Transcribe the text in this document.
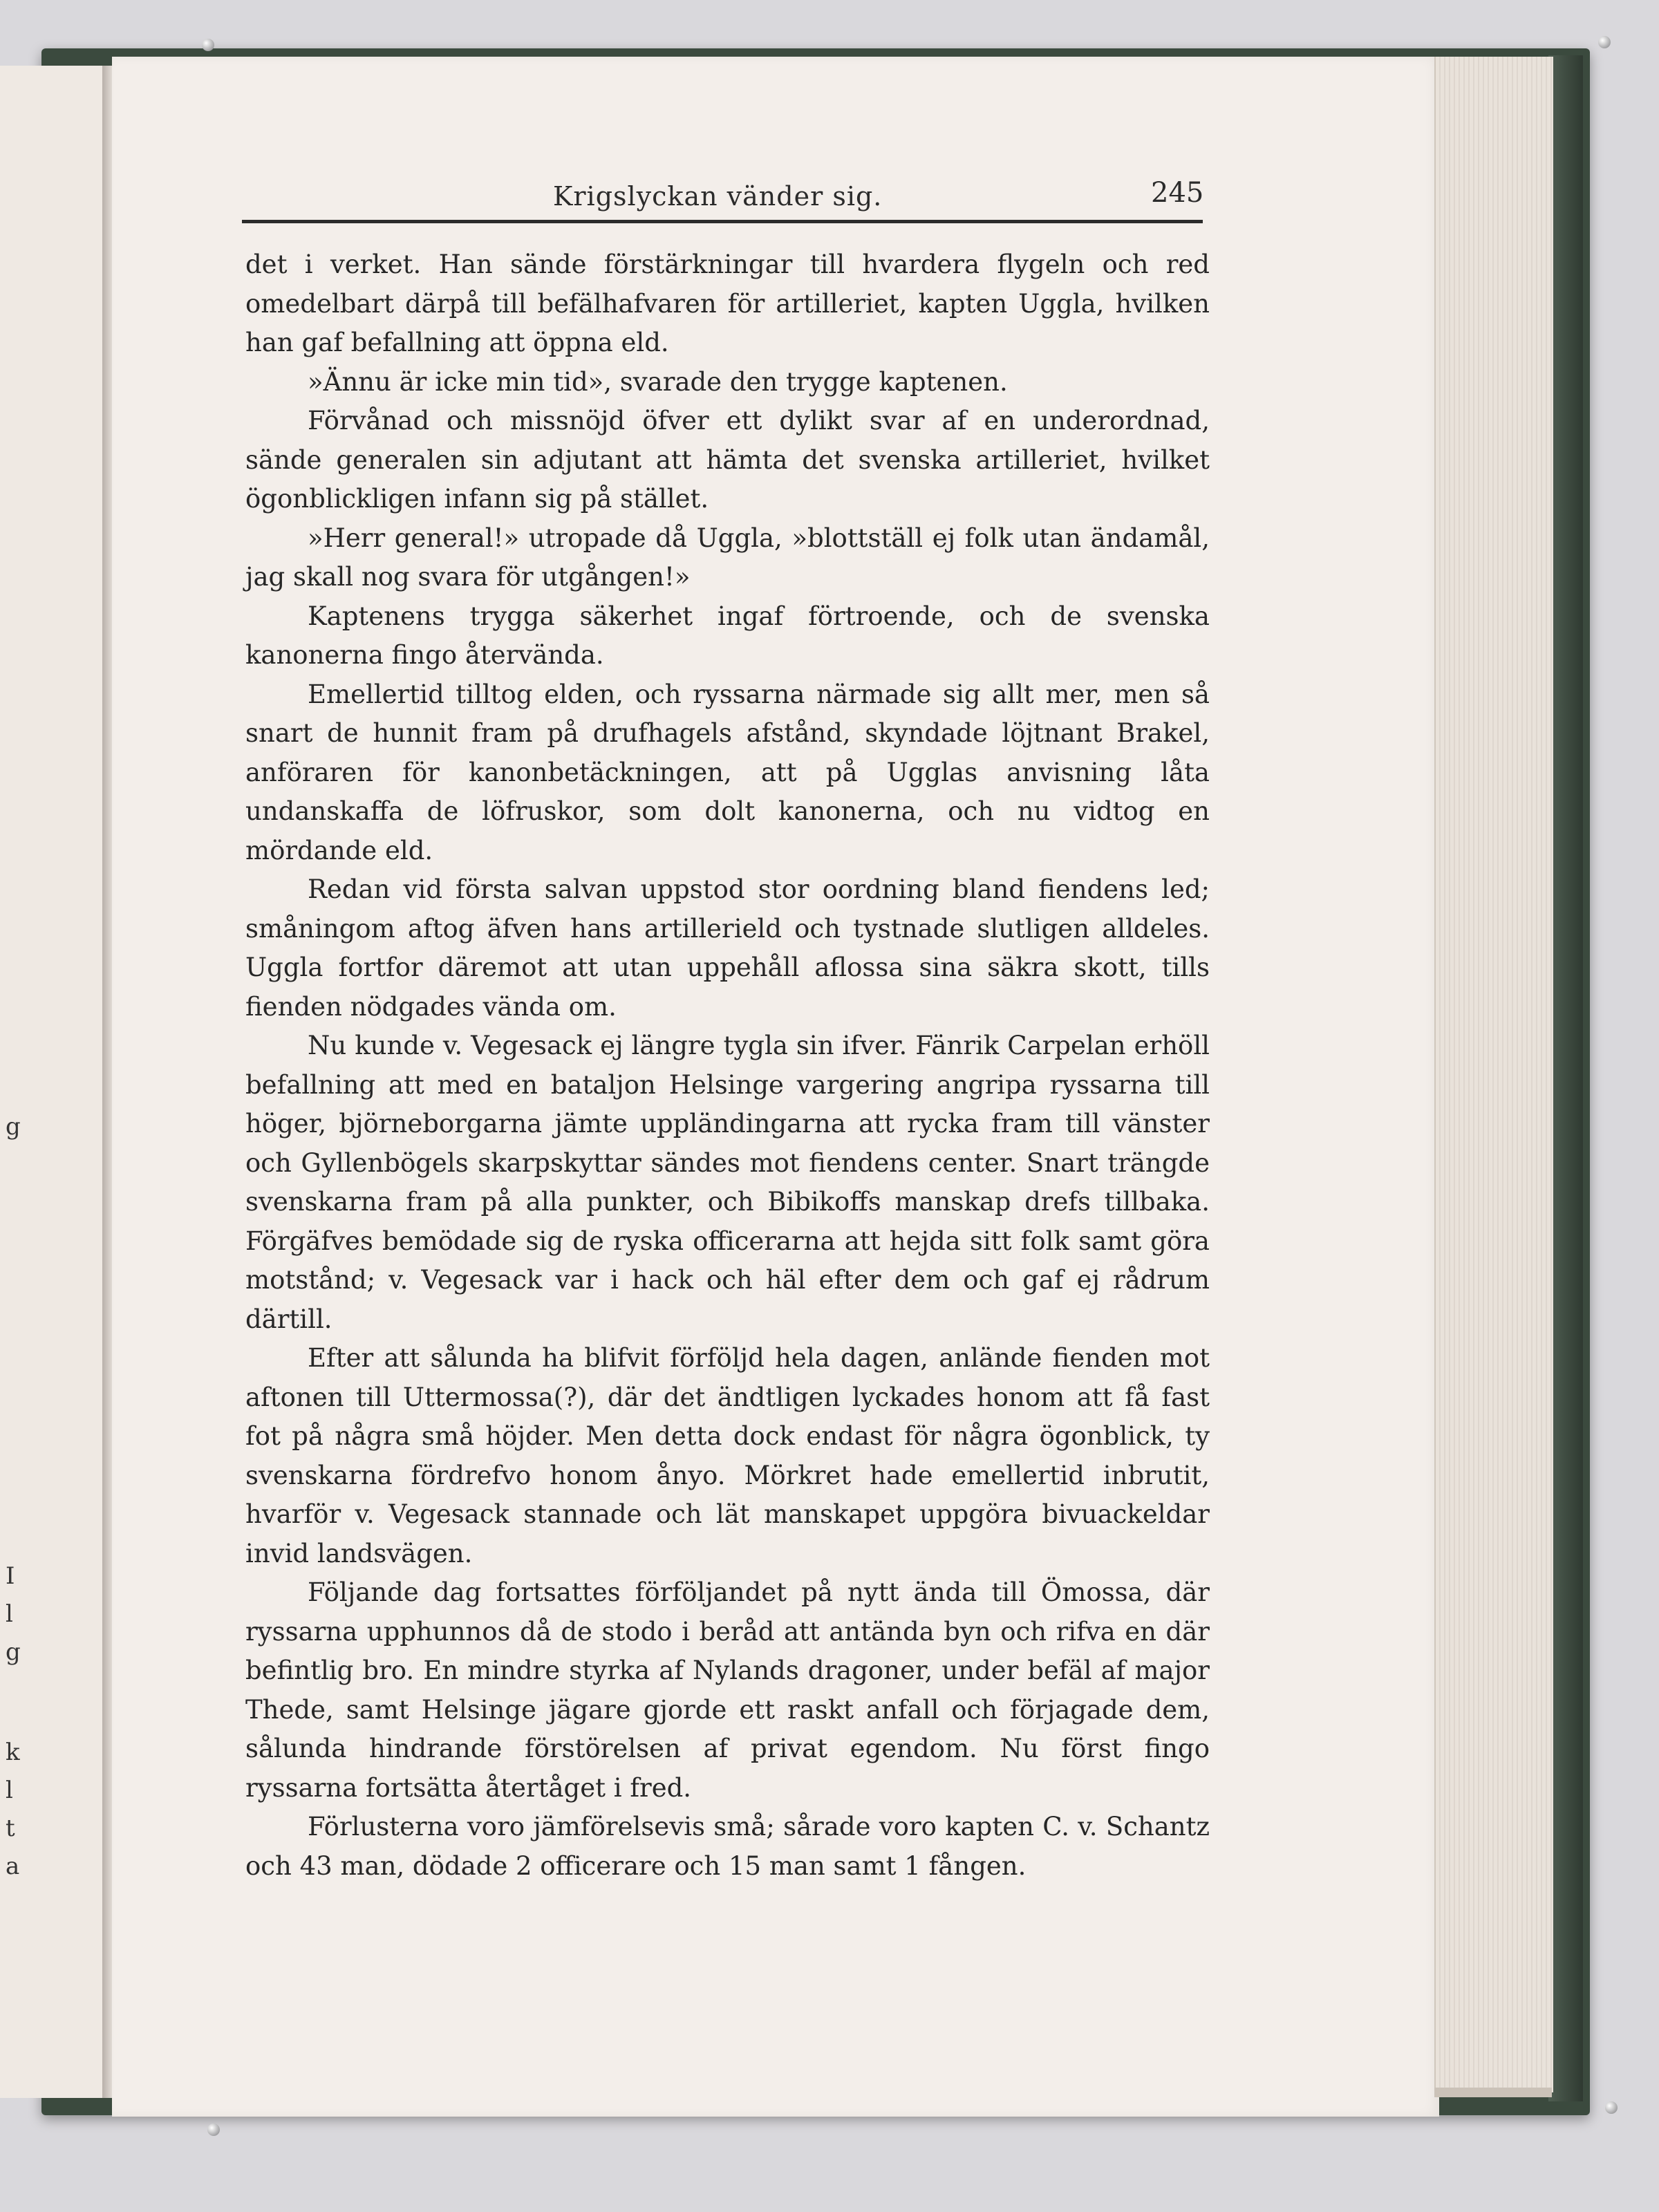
g
I
l
g
k
l
t
a
Krigslyckan vänder sig.	245

det i verket. Han sände förstärkningar till hvardera flygeln och red omedelbart därpå till befälhafvaren för artilleriet, kapten Uggla, hvilken han gaf befallning att öppna eld.

»Ännu är icke min tid», svarade den trygge kaptenen.

Förvånad och missnöjd öfver ett dylikt svar af en underordnad, sände generalen sin adjutant att hämta det svenska artilleriet, hvilket ögonblickligen infann sig på stället.

»Herr general!» utropade då Uggla, »blottställ ej folk utan ändamål, jag skall nog svara för utgången!»

Kaptenens trygga säkerhet ingaf förtroende, och de svenska kanonerna fingo återvända.

Emellertid tilltog elden, och ryssarna närmade sig allt mer, men så snart de hunnit fram på drufhagels afstånd, skyndade löjtnant Brakel, anföraren för kanonbetäckningen, att på Ugglas anvisning låta undanskaffa de löfruskor, som dolt kanonerna, och nu vidtog en mördande eld.

Redan vid första salvan uppstod stor oordning bland fiendens led; småningom aftog äfven hans artillerield och tystnade slutligen alldeles. Uggla fortfor däremot att utan uppehåll aflossa sina säkra skott, tills fienden nödgades vända om.

Nu kunde v. Vegesack ej längre tygla sin ifver. Fänrik Carpelan erhöll befallning att med en bataljon Helsinge vargering angripa ryssarna till höger, björneborgarna jämte uppländingarna att rycka fram till vänster och Gyllenbögels skarpskyttar sändes mot fiendens center. Snart trängde svenskarna fram på alla punkter, och Bibikoffs manskap drefs tillbaka. Förgäfves bemödade sig de ryska officerarna att hejda sitt folk samt göra motstånd; v. Vegesack var i hack och häl efter dem och gaf ej rådrum därtill.

Efter att sålunda ha blifvit förföljd hela dagen, anlände fienden mot aftonen till Uttermossa(?), där det ändtligen lyckades honom att få fast fot på några små höjder. Men detta dock endast för några ögonblick, ty svenskarna fördrefvo honom ånyo. Mörkret hade emellertid inbrutit, hvarför v. Vegesack stannade och lät manskapet uppgöra bivuackeldar invid landsvägen.

Följande dag fortsattes förföljandet på nytt ända till Ömossa, där ryssarna upphunnos då de stodo i beråd att antända byn och rifva en där befintlig bro. En mindre styrka af Nylands dragoner, under befäl af major Thede, samt Helsinge jägare gjorde ett raskt anfall och förjagade dem, sålunda hindrande förstörelsen af privat egendom. Nu först fingo ryssarna fortsätta återtåget i fred.

Förlusterna voro jämförelsevis små; sårade voro kapten C. v. Schantz och 43 man, dödade 2 officerare och 15 man samt 1 fången.
